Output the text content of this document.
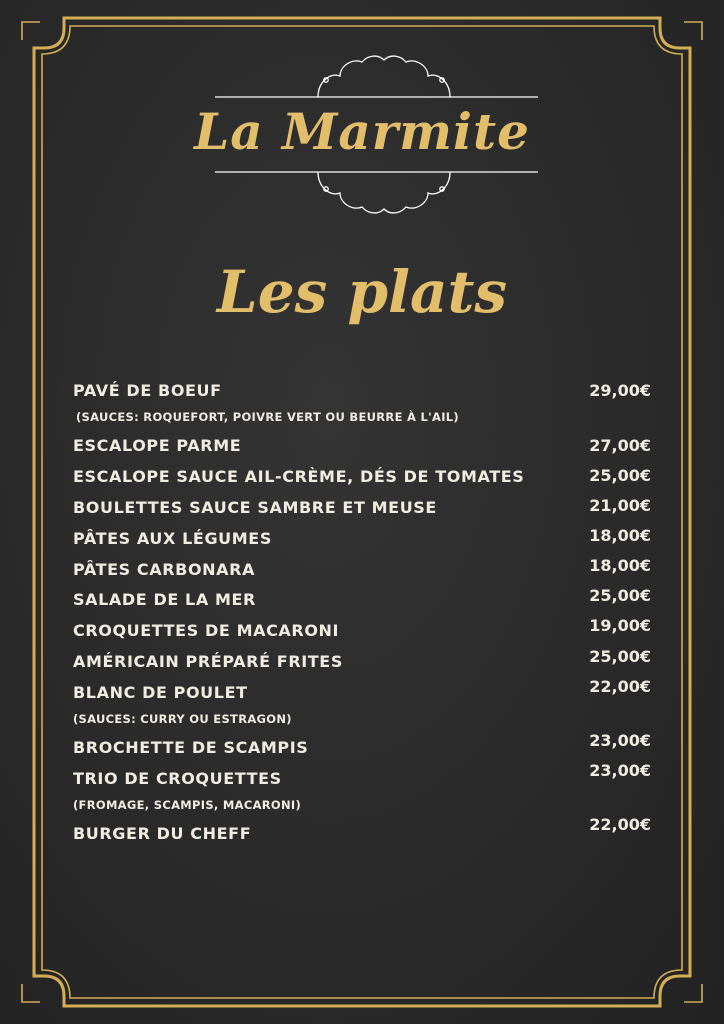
La Marmite
Les plats
PAVÉ DE BOEUF	29,00€
(SAUCES: ROQUEFORT, POIVRE VERT OU BEURRE À L'AIL)
ESCALOPE PARME	27,00€
ESCALOPE SAUCE AIL-CRÈME, DÉS DE TOMATES	25,00€
BOULETTES SAUCE SAMBRE ET MEUSE	21,00€
PÂTES AUX LÉGUMES	18,00€
PÂTES CARBONARA	18,00€
SALADE DE LA MER	25,00€
CROQUETTES DE MACARONI	19,00€
AMÉRICAIN PRÉPARÉ FRITES	25,00€
BLANC DE POULET	22,00€
(SAUCES: CURRY OU ESTRAGON)
BROCHETTE DE SCAMPIS	23,00€
TRIO DE CROQUETTES	23,00€
(FROMAGE, SCAMPIS, MACARONI)
BURGER DU CHEFF	22,00€
